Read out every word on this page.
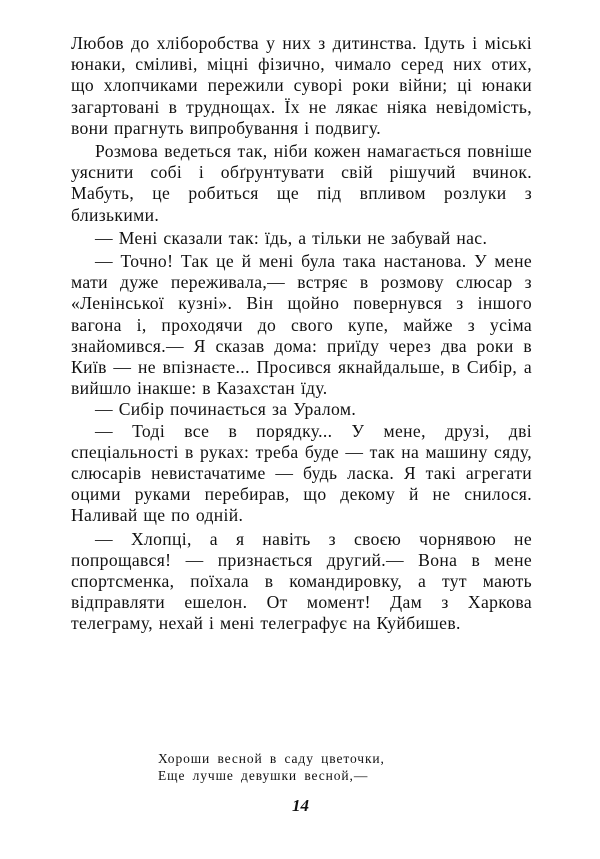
Любов до хліборобства у них з дитинства. Ідуть і міські юнаки, сміливі, міцні фізично, чимало серед них отих, що хлопчиками пережили суворі роки війни; ці юнаки загартовані в труднощах. Їх не лякає ніяка невідомість, вони прагнуть випробування і подвигу.

Розмова ведеться так, ніби кожен намагається повніше уяснити собі і обґрунтувати свій рішучий вчинок. Мабуть, це робиться ще під впливом розлуки з близькими.

— Мені сказали так: їдь, а тільки не забувай нас.

— Точно! Так це й мені була така настанова. У мене мати дуже переживала,— встряє в розмову слюсар з «Ленінської кузні». Він щойно повернувся з іншого вагона і, проходячи до свого купе, майже з усіма знайомився.— Я сказав дома: приїду через два роки в Київ — не впізнаєте... Просився якнайдальше, в Сибір, а вийшло інакше: в Казахстан їду.

— Сибір починається за Уралом.

— Тоді все в порядку... У мене, друзі, дві спеціальності в руках: треба буде — так на машину сяду, слюсарів невистачатиме — будь ласка. Я такі агрегати оцими руками перебирав, що декому й не снилося. Наливай ще по одній.

— Хлопці, а я навіть з своєю чорнявою не попрощався! — признається другий.— Вона в мене спортсменка, поїхала в командировку, а тут мають відправляти ешелон. От момент! Дам з Харкова телеграму, нехай і мені телеграфує на Куйбишев.

Хороши весной в саду цветочки,
Еще лучше девушки весной,—
14
